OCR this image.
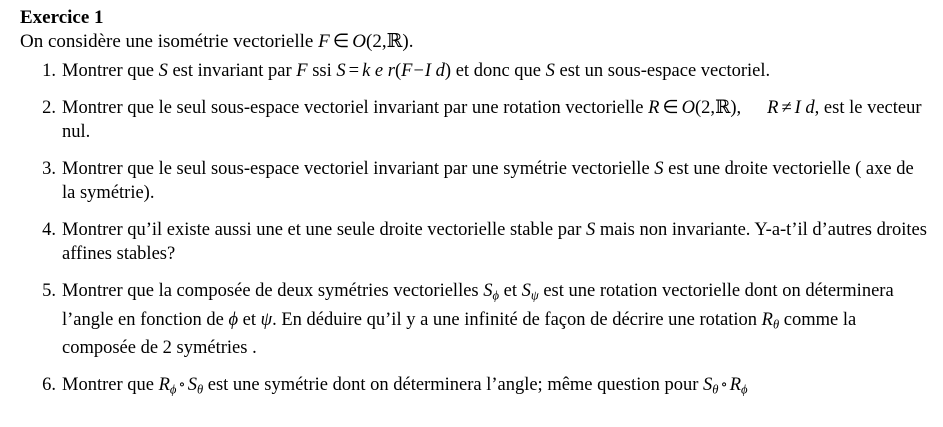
Exercice 1

On considère une isométrie vectorielle F ∈ O(2,ℝ).

1. Montrer que S est invariant par F ssi S = k e r(F−I d) et donc que S est un sous-espace vectoriel.
2. Montrer que le seul sous-espace vectoriel invariant par une rotation vectorielle R ∈ O(2,ℝ), R ≠ I d, est le vecteur nul.
3. Montrer que le seul sous-espace vectoriel invariant par une symétrie vectorielle S est une droite vectorielle ( axe de la symétrie).
4. Montrer qu’il existe aussi une et une seule droite vectorielle stable par S mais non invariante. Y-a-t’il d’autres droites affines stables?
5. Montrer que la composée de deux symétries vectorielles $S_\phi$ et $S_\psi$ est une rotation vectorielle dont on déterminera l’angle en fonction de ϕ et ψ. En déduire qu’il y a une infinité de façon de décrire une rotation $R_\theta$ comme la composée de 2 symétries .
6. Montrer que $R_\phi$ ∘ $S_\theta$ est une symétrie dont on déterminera l’angle; même question pour $S_\theta$ ∘ $R_\phi$
